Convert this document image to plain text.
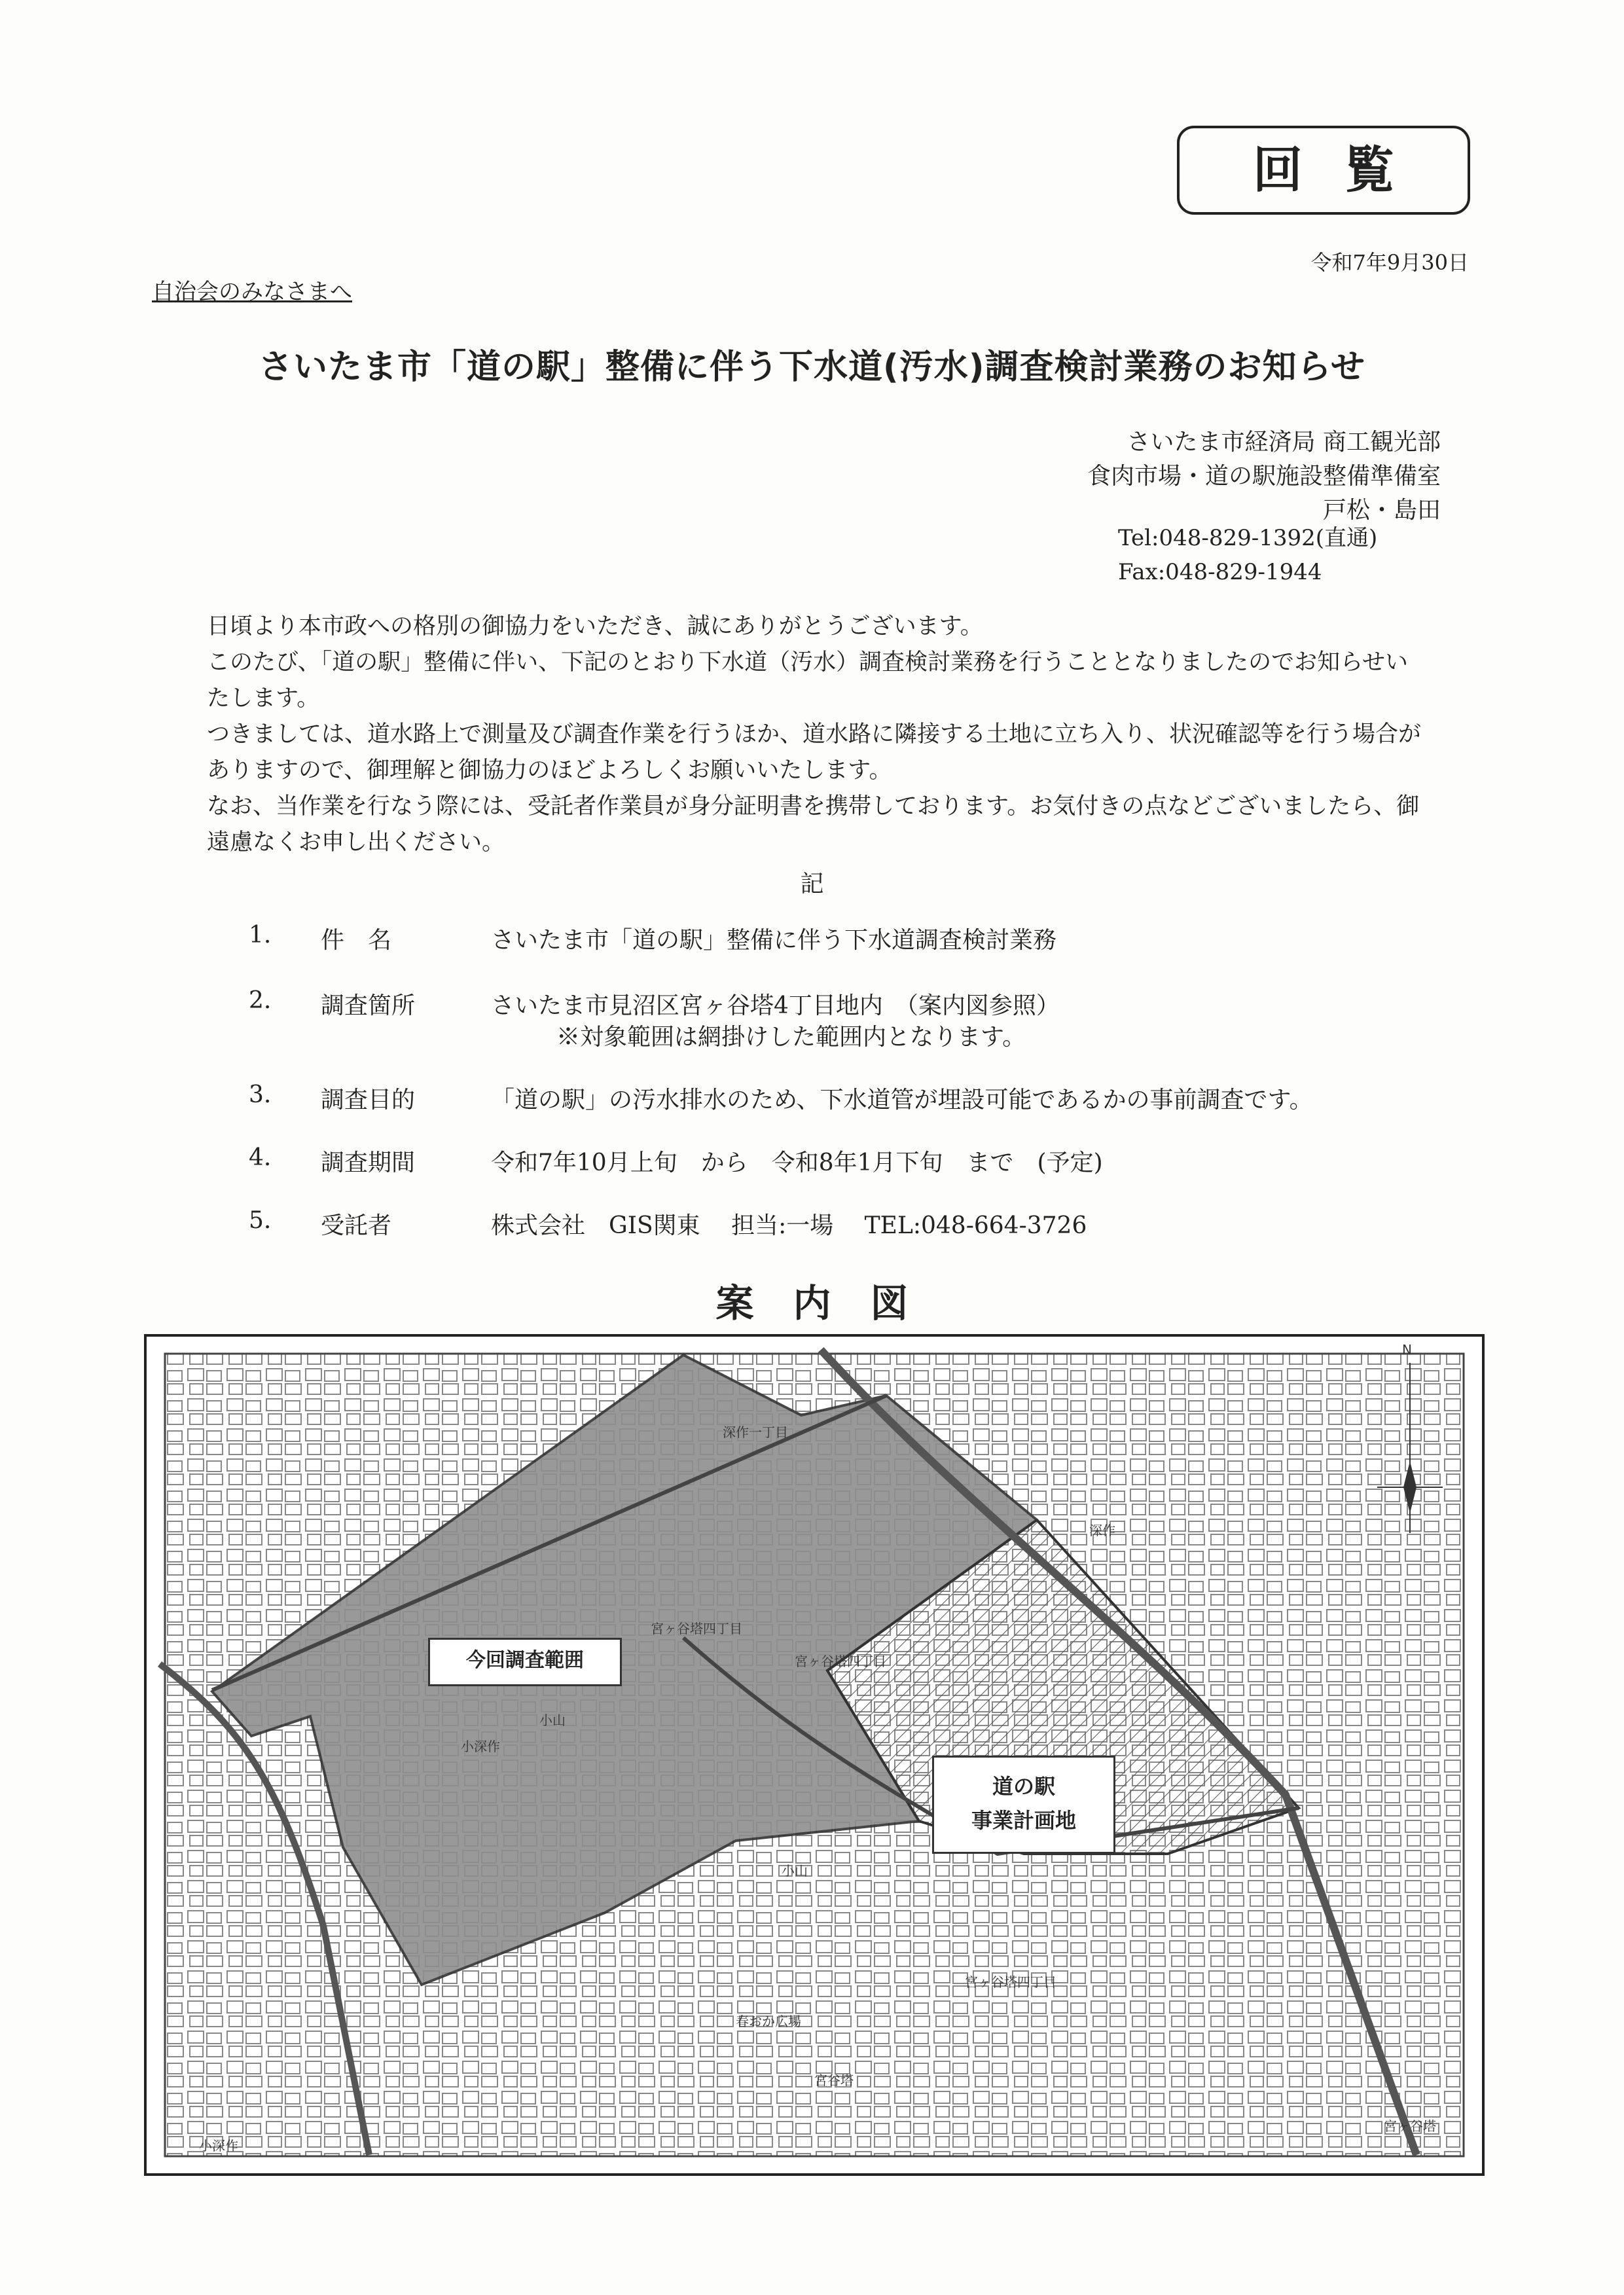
回覧
令和7年9月30日
自治会のみなさまへ
さいたま市「道の駅」整備に伴う下水道(汚水)調査検討業務のお知らせ
さいたま市経済局 商工観光部
食肉市場・道の駅施設整備準備室
戸松・島田
Tel:048-829-1392(直通)
Fax:048-829-1944

日頃より本市政への格別の御協力をいただき、誠にありがとうございます。

このたび、「道の駅」整備に伴い、下記のとおり下水道（汚水）調査検討業務を行うこととなりましたのでお知らせいたします。

つきましては、道水路上で測量及び調査作業を行うほか、道水路に隣接する土地に立ち入り、状況確認等を行う場合がありますので、御理解と御協力のほどよろしくお願いいたします。

なお、当作業を行なう際には、受託者作業員が身分証明書を携帯しております。お気付きの点などございましたら、御遠慮なくお申し出ください。

記
1. 件　名	さいたま市「道の駅」整備に伴う下水道調査検討業務
2. 調査箇所	さいたま市見沼区宮ヶ谷塔4丁目地内　（案内図参照）
※対象範囲は網掛けした範囲内となります。
3. 調査目的	「道の駅」の汚水排水のため、下水道管が埋設可能であるかの事前調査です。
4. 調査期間	令和7年10月上旬　から　令和8年1月下旬　まで　(予定)
5. 受託者	株式会社　GIS関東　 担当:一場　 TEL:048-664-3726
案内図
今回調査範囲
道の駅
事業計画地
N
深作一丁目
宮ヶ谷塔四丁目
宮ヶ谷塔四丁目
小深作
小山
小山
深作
宮ヶ谷塔四丁目
宮ヶ谷塔
春おか広場
宮谷塔
小深作
